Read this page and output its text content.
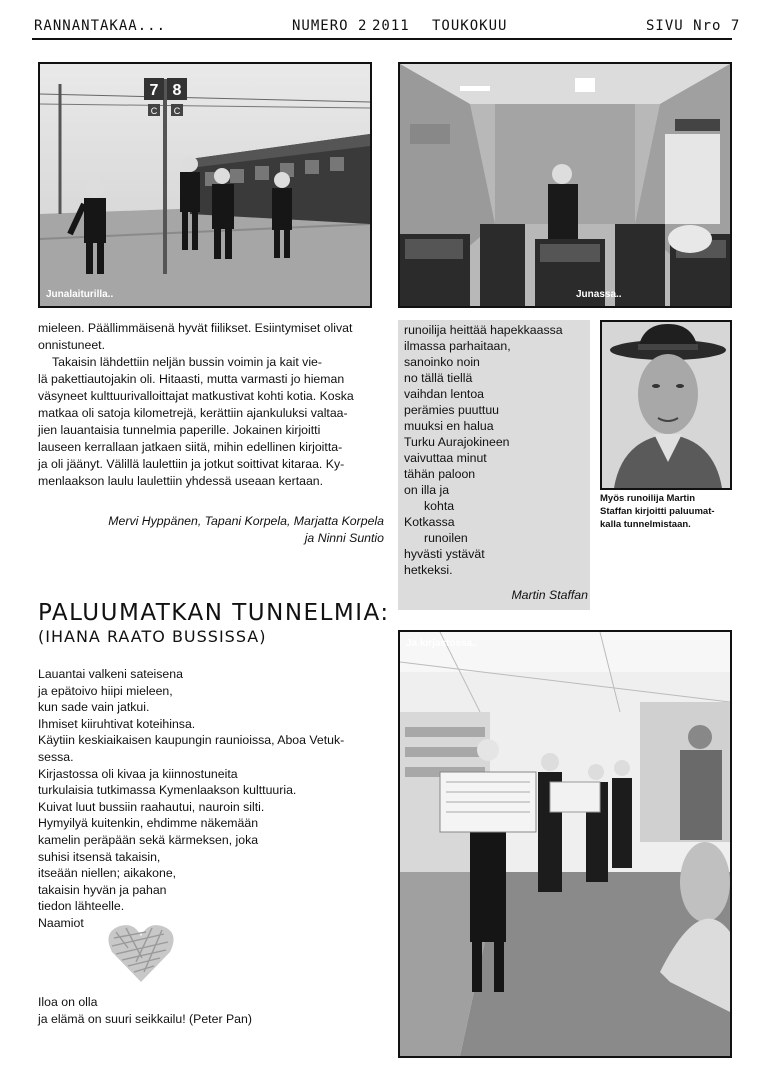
RANNANTAKAA...	NUMERO 2 2011 TOUKOKUU	SIVU Nro 7
7 8
C C
Junalaiturilla..	Junassa..

mieleen. Päällimmäisenä hyvät fiilikset. Esiintymiset olivat

onnistuneet.

Takaisin lähdettiin neljän bussin voimin ja kait vie-

lä pakettiautojakin oli. Hitaasti, mutta varmasti jo hieman

väsyneet kulttuurivalloittajat matkustivat kohti kotia. Koska

matkaa oli satoja kilometrejä, kerättiin ajankuluksi valtaa-

jien lauantaisia tunnelmia paperille. Jokainen kirjoitti

lauseen kerrallaan jatkaen siitä, mihin edellinen kirjoitta-

ja oli jäänyt. Välillä laulettiin ja jotkut soittivat kitaraa. Ky-

menlaakson laulu laulettiin yhdessä useaan kertaan.

Mervi Hyppänen, Tapani Korpela, Marjatta Korpela
ja Ninni Suntio
runoilija heittää hapekkaassa
ilmassa parhaitaan,
sanoinko noin
no tällä tiellä
vaihdan lentoa
perämies puuttuu
muuksi en halua
Turku Aurajokineen
vaivuttaa minut
tähän paloon
on illa ja
kohta
Kotkassa
runoilen
hyvästi ystävät
hetkeksi.
Martin Staffan
Myös runoilija Martin
Staffan kirjoitti paluumat-
kalla tunnelmistaan.
PALUUMATKAN TUNNELMIA:
(IHANA RAATO BUSSISSA)
Lauantai valkeni sateisena
ja epätoivo hiipi mieleen,
kun sade vain jatkui.
Ihmiset kiiruhtivat koteihinsa.
Käytiin keskiaikaisen kaupungin raunioissa, Aboa Vetuk-
sessa.
Kirjastossa oli kivaa ja kiinnostuneita
turkulaisia tutkimassa Kymenlaakson kulttuuria.
Kuivat luut bussiin raahautui, nauroin silti.
Hymyilyä kuitenkin, ehdimme näkemään
kamelin peräpään sekä kärmeksen, joka
suhisi itsensä takaisin,
itseään niellen; aikakone,
takaisin hyvän ja pahan
tiedon lähteelle.
Naamiot
Iloa on olla
ja elämä on suuri seikkailu! (Peter Pan)
Ja kirjastossa..
